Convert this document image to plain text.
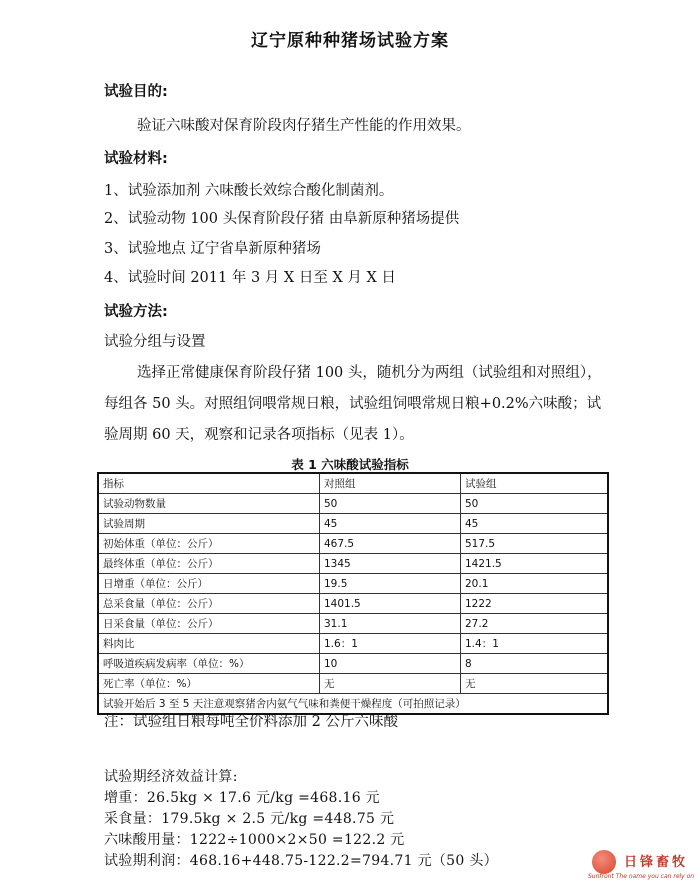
辽宁原种种猪场试验方案
试验目的:
验证六味酸对保育阶段肉仔猪生产性能的作用效果。
试验材料:
1、试验添加剂 六味酸长效综合酸化制菌剂。
2、试验动物 100 头保育阶段仔猪 由阜新原种猪场提供
3、试验地点 辽宁省阜新原种猪场
4、试验时间 2011 年 3 月 X 日至 X 月 X 日
试验方法:
试验分组与设置
选择正常健康保育阶段仔猪 100 头，随机分为两组（试验组和对照组），每组各 50 头。对照组饲喂常规日粮，试验组饲喂常规日粮+0.2%六味酸；试验周期 60 天，观察和记录各项指标（见表 1）。
表 1 六味酸试验指标
指标	对照组	试验组
试验动物数量	50	50
试验周期	45	45
初始体重（单位：公斤）	467.5	517.5
最终体重（单位：公斤）	1345	1421.5
日增重（单位：公斤）	19.5	20.1
总采食量（单位：公斤）	1401.5	1222
日采食量（单位：公斤）	31.1	27.2
料肉比	1.6：1	1.4：1
呼吸道疾病发病率（单位：%）	10	8
死亡率（单位：%）	无	无
试验开始后 3 至 5 天注意观察猪舍内氨气气味和粪便干燥程度（可拍照记录）		
注：试验组日粮每吨全价料添加 2 公斤六味酸
试验期经济效益计算:
增重：26.5kg × 17.6 元/kg =468.16 元
采食量：179.5kg × 2.5 元/kg =448.75 元
六味酸用量：1222÷1000×2×50 =122.2 元
试验期利润：468.16+448.75-122.2=794.71 元（50 头）	日锋畜牧
Sunfront The name you can rely on
